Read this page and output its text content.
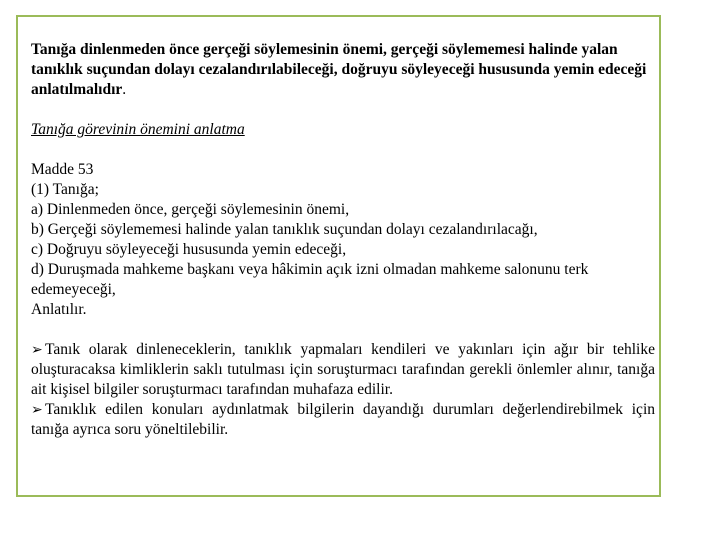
Tanığa dinlenmeden önce gerçeği söylemesinin önemi, gerçeği söylememesi halinde yalan tanıklık suçundan dolayı cezalandırılabileceği, doğruyu söyleyeceği hususunda yemin edeceği anlatılmalıdır.

Tanığa görevinin önemini anlatma

Madde 53
(1) Tanığa;
a) Dinlenmeden önce, gerçeği söylemesinin önemi,
b) Gerçeği söylememesi halinde yalan tanıklık suçundan dolayı cezalandırılacağı,
c) Doğruyu söyleyeceği hususunda yemin edeceği,
d) Duruşmada mahkeme başkanı veya hâkimin açık izni olmadan mahkeme salonunu terk edemeyeceği,
Anlatılır.

➢ Tanık olarak dinleneceklerin, tanıklık yapmaları kendileri ve yakınları için ağır bir tehlike oluşturacaksa kimliklerin saklı tutulması için soruşturmacı tarafından gerekli önlemler alınır, tanığa ait kişisel bilgiler soruşturmacı tarafından muhafaza edilir.

➢ Tanıklık edilen konuları aydınlatmak bilgilerin dayandığı durumları değerlendirebilmek için tanığa ayrıca soru yöneltilebilir.
